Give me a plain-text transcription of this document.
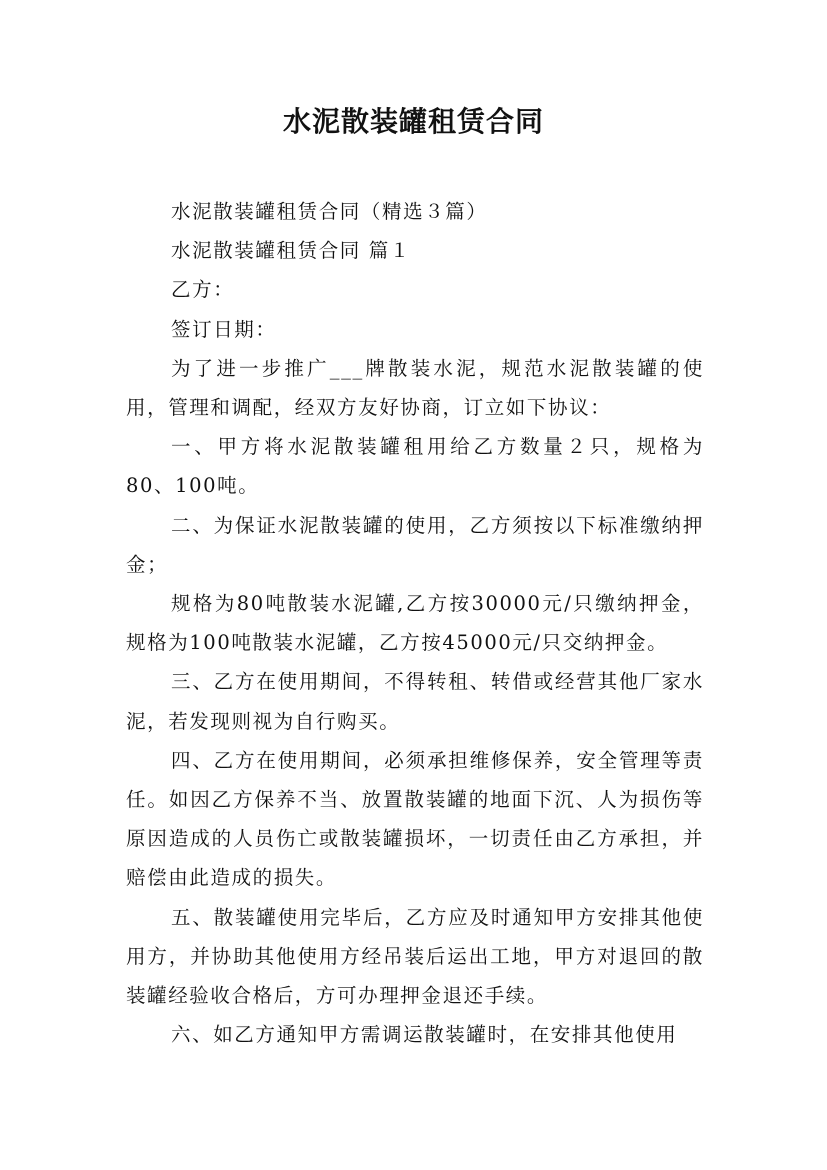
水泥散装罐租赁合同

水泥散装罐租赁合同（精选３篇）

水泥散装罐租赁合同 篇１

乙方：

签订日期：

为了进一步推广___牌散装水泥，规范水泥散装罐的使用，管理和调配，经双方友好协商，订立如下协议：

一、甲方将水泥散装罐租用给乙方数量２只，规格为80、100吨。

二、为保证水泥散装罐的使用，乙方须按以下标准缴纳押金；

规格为80吨散装水泥罐,乙方按30000元/只缴纳押金，规格为100吨散装水泥罐，乙方按45000元/只交纳押金。

三、乙方在使用期间，不得转租、转借或经营其他厂家水泥，若发现则视为自行购买。

四、乙方在使用期间，必须承担维修保养，安全管理等责任。如因乙方保养不当、放置散装罐的地面下沉、人为损伤等原因造成的人员伤亡或散装罐损坏，一切责任由乙方承担，并赔偿由此造成的损失。

五、散装罐使用完毕后，乙方应及时通知甲方安排其他使用方，并协助其他使用方经吊装后运出工地，甲方对退回的散装罐经验收合格后，方可办理押金退还手续。

六、如乙方通知甲方需调运散装罐时，在安排其他使用
